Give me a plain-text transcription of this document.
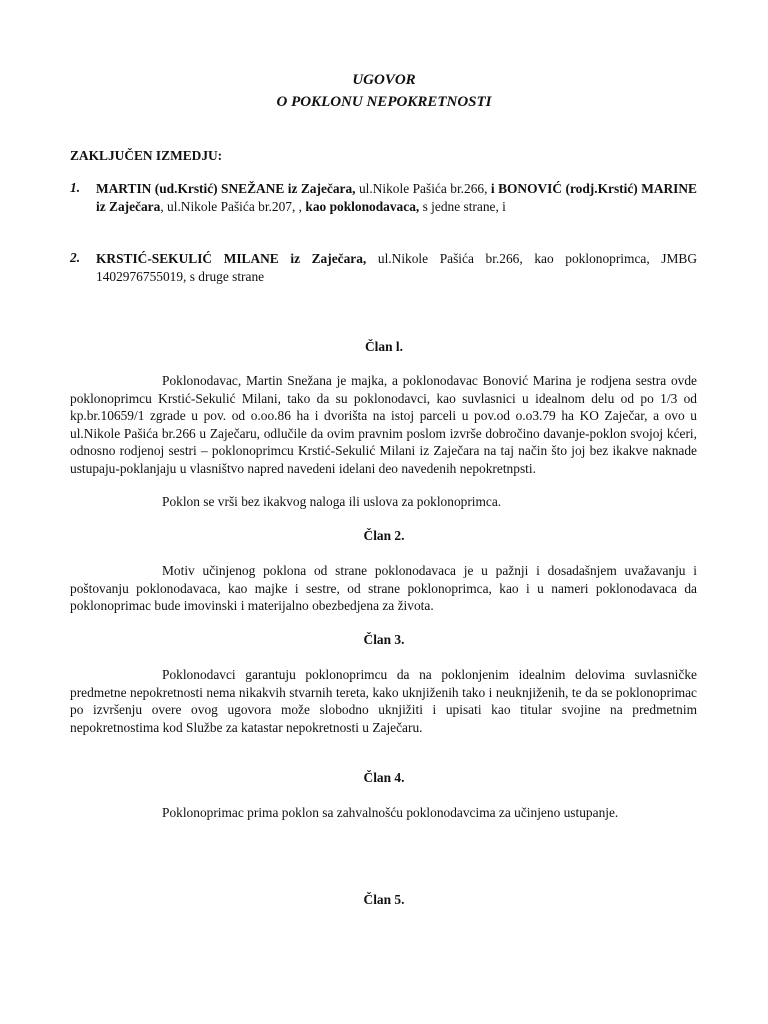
UGOVOR
O POKLONU NEPOKRETNOSTI
ZAKLJUČEN IZMEDJU:
1. MARTIN (ud.Krstić) SNEŽANE iz Zaječara, ul.Nikole Pašića br.266, i BONOVIĆ (rodj.Krstić) MARINE iz Zaječara, ul.Nikole Pašića br.207, , kao poklonodavaca, s jedne strane, i
2. KRSTIĆ-SEKULIĆ MILANE iz Zaječara, ul.Nikole Pašića br.266, kao poklonoprimca, JMBG 1402976755019, s druge strane
Član l.

Poklonodavac, Martin Snežana je majka, a poklonodavac Bonović Marina je rodjena sestra ovde poklonoprimcu Krstić-Sekulić Milani, tako da su poklonodavci, kao suvlasnici u idealnom delu od po 1/3 od kp.br.10659/1 zgrade u pov. od o.oo.86 ha i dvorišta na istoj parceli u pov.od o.o3.79 ha KO Zaječar, a ovo u ul.Nikole Pašića br.266 u Zaječaru, odlučile da ovim pravnim poslom izvrše dobročino davanje-poklon svojoj kćeri, odnosno rodjenoj sestri – poklonoprimcu Krstić-Sekulić Milani iz Zaječara na taj način što joj bez ikakve naknade ustupaju-poklanjaju u vlasništvo napred navedeni idelani deo navedenih nepokretnpsti.

Poklon se vrši bez ikakvog naloga ili uslova za poklonoprimca.

Član 2.

Motiv učinjenog poklona od strane poklonodavaca je u pažnji i dosadašnjem uvažavanju i poštovanju poklonodavaca, kao majke i sestre, od strane poklonoprimca, kao i u nameri poklonodavaca da poklonoprimac bude imovinski i materijalno obezbedjena za života.

Član 3.

Poklonodavci garantuju poklonoprimcu da na poklonjenim idealnim delovima suvlasničke predmetne nepokretnosti nema nikakvih stvarnih tereta, kako uknjiženih tako i neuknjiženih, te da se poklonoprimac po izvršenju overe ovog ugovora može slobodno uknjižiti i upisati kao titular svojine na predmetnim nepokretnostima kod Službe za katastar nepokretnosti u Zaječaru.

Član 4.

Poklonoprimac prima poklon sa zahvalnošću poklonodavcima za učinjeno ustupanje.

Član 5.
